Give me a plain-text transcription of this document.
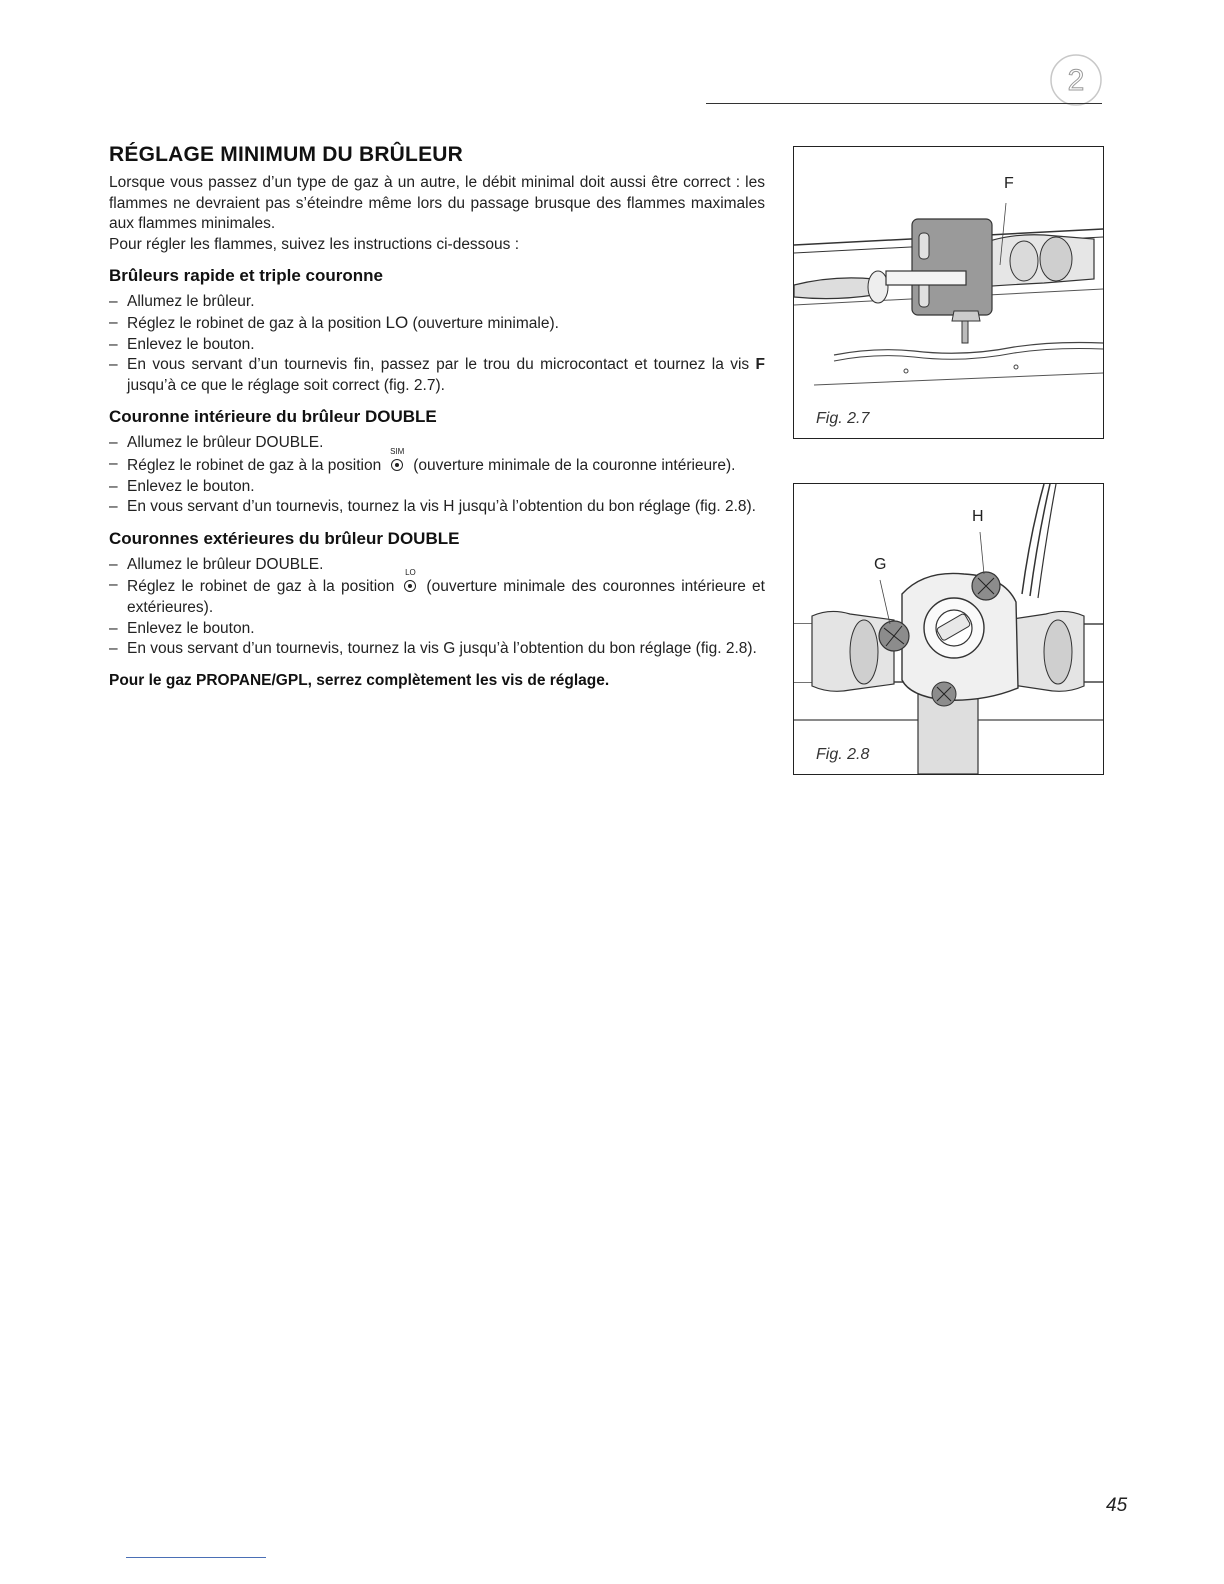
2
RÉGLAGE MINIMUM DU BRÛLEUR

Lorsque vous passez d’un type de gaz à un autre, le débit minimal doit aussi être correct : les flammes ne devraient pas s’éteindre même lors du passage brusque des flammes maximales aux flammes minimales.

Pour régler les flammes, suivez les instructions ci-dessous :

Brûleurs rapide et triple couronne
– Allumez le brûleur.
– Réglez le robinet de gaz à la position LO (ouverture minimale).
– Enlevez le bouton.
– En vous servant d’un tournevis fin, passez par le trou du microcontact et tournez la vis F jusqu’à ce que le réglage soit correct (fig. 2.7).
Couronne intérieure du brûleur DOUBLE
– Allumez le brûleur DOUBLE.
– Réglez le robinet de gaz à la position
SIM
(ouverture minimale de la couronne intérieure).
– Enlevez le bouton.
– En vous servant d’un tournevis, tournez la vis H jusqu’à l’obtention du bon réglage (fig. 2.8).
Couronnes extérieures du brûleur DOUBLE
– Allumez le brûleur DOUBLE.
– Réglez le robinet de gaz à la position
LO
(ouverture minimale des couronnes intérieure et extérieures).
– Enlevez le bouton.
– En vous servant d’un tournevis, tournez la vis G jusqu’à l’obtention du bon réglage (fig. 2.8).

Pour le gaz PROPANE/GPL, serrez complètement les vis de réglage.

F
Fig. 2.7
H
G
Fig. 2.8
45
